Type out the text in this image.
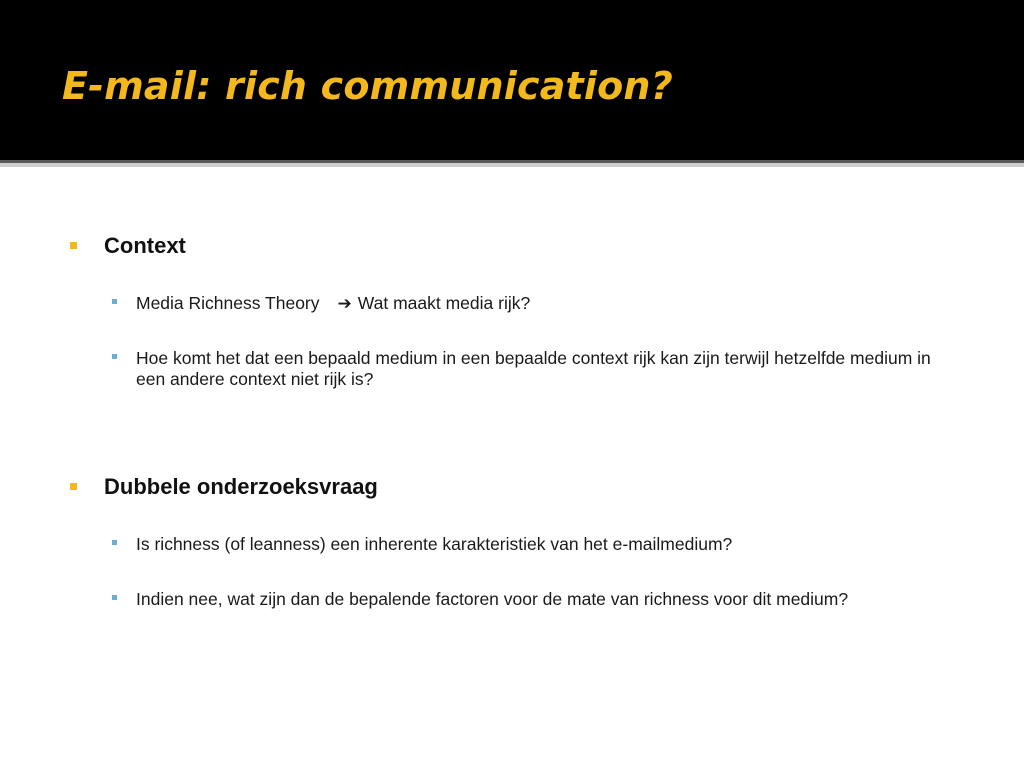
E-mail: rich communication?
Context
Media Richness Theory ➔ Wat maakt media rijk?
Hoe komt het dat een bepaald medium in een bepaalde context rijk kan zijn terwijl hetzelfde medium in een andere context niet rijk is?
Dubbele onderzoeksvraag
Is richness (of leanness) een inherente karakteristiek van het e-mailmedium?
Indien nee, wat zijn dan de bepalende factoren voor de mate van richness voor dit medium?
